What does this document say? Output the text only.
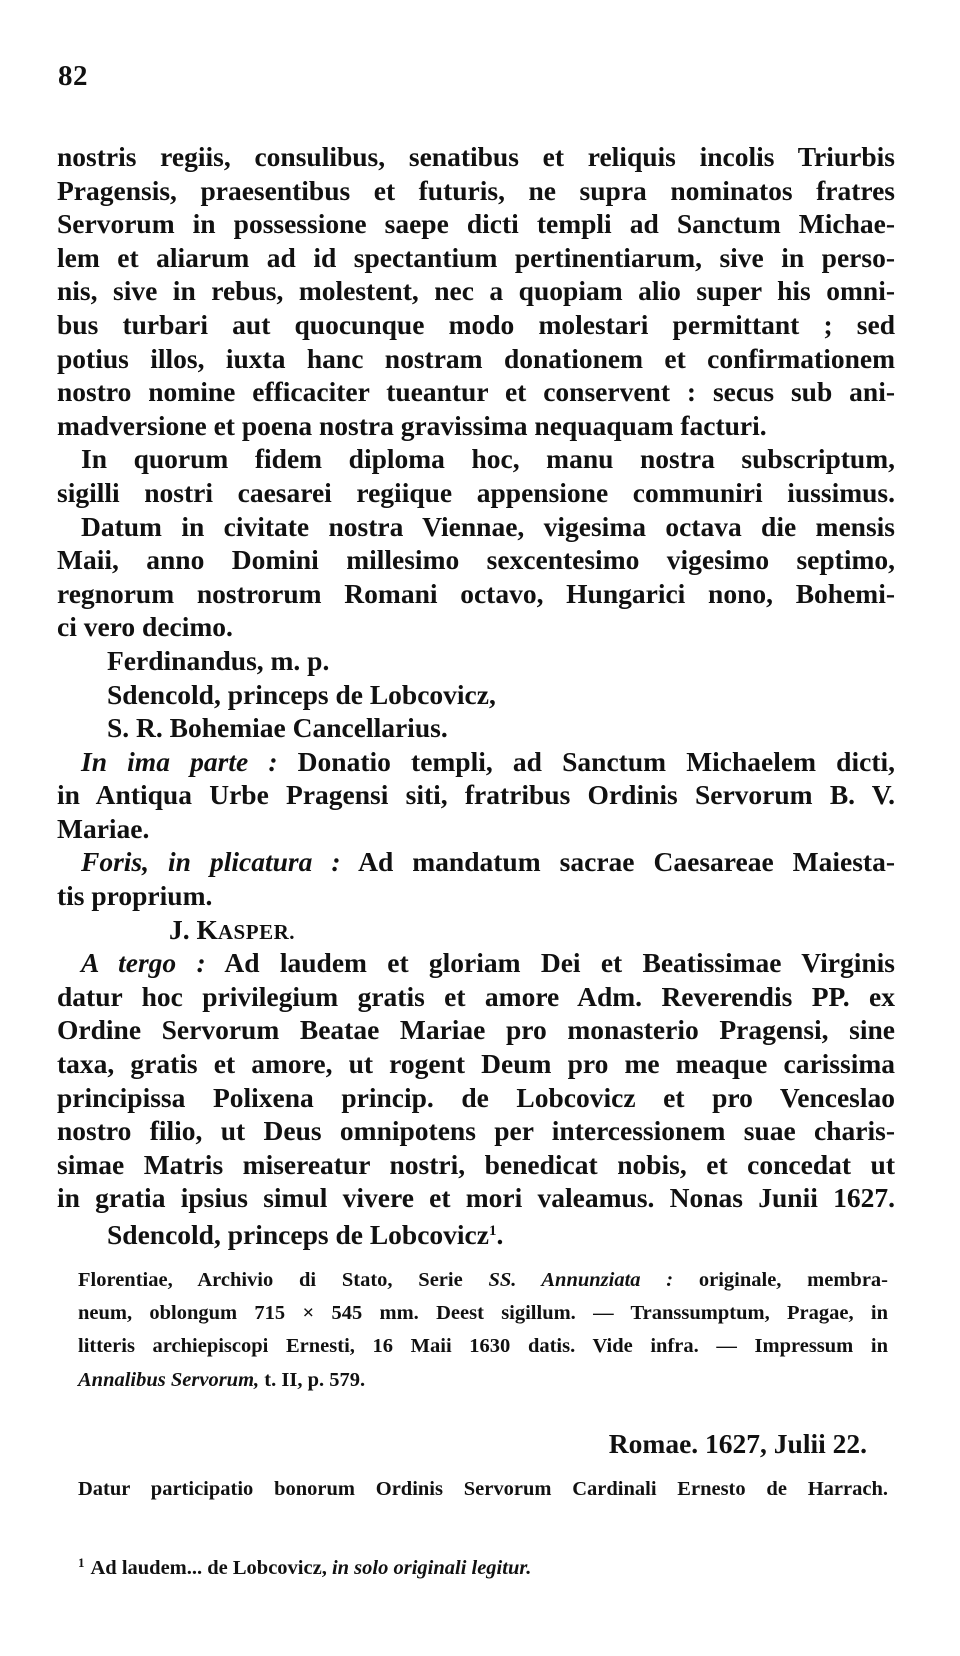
82
nostris regiis, consulibus, senatibus et reliquis incolis Triurbis
Pragensis, praesentibus et futuris, ne supra nominatos fratres
Servorum in possessione saepe dicti templi ad Sanctum Michae-
lem et aliarum ad id spectantium pertinentiarum, sive in perso-
nis, sive in rebus, molestent, nec a quopiam alio super his omni-
bus turbari aut quocunque modo molestari permittant ; sed
potius illos, iuxta hanc nostram donationem et confirmationem
nostro nomine efficaciter tueantur et conservent : secus sub ani-
madversione et poena nostra gravissima nequaquam facturi.
In quorum fidem diploma hoc, manu nostra subscriptum,
sigilli nostri caesarei regiique appensione communiri iussimus.
Datum in civitate nostra Viennae, vigesima octava die mensis
Maii, anno Domini millesimo sexcentesimo vigesimo septimo,
regnorum nostrorum Romani octavo, Hungarici nono, Bohemi-
ci vero decimo.
Ferdinandus, m. p.
Sdencold, princeps de Lobcovicz,
S. R. Bohemiae Cancellarius.
In ima parte : Donatio templi, ad Sanctum Michaelem dicti,
in Antiqua Urbe Pragensi siti, fratribus Ordinis Servorum B. V.
Mariae.
Foris, in plicatura : Ad mandatum sacrae Caesareae Maiesta-
tis proprium.
J. KASPER.
A tergo : Ad laudem et gloriam Dei et Beatissimae Virginis
datur hoc privilegium gratis et amore Adm. Reverendis PP. ex
Ordine Servorum Beatae Mariae pro monasterio Pragensi, sine
taxa, gratis et amore, ut rogent Deum pro me meaque carissima
principissa Polixena princip. de Lobcovicz et pro Venceslao
nostro filio, ut Deus omnipotens per intercessionem suae charis-
simae Matris misereatur nostri, benedicat nobis, et concedat ut
in gratia ipsius simul vivere et mori valeamus. Nonas Junii 1627.
Sdencold, princeps de Lobcovicz$^1$.
Florentiae, Archivio di Stato, Serie SS. Annunziata : originale, membra-
neum, oblongum 715 × 545 mm. Deest sigillum. — Transsumptum, Pragae, in
litteris archiepiscopi Ernesti, 16 Maii 1630 datis. Vide infra. — Impressum in
Annalibus Servorum, t. II, p. 579.
Romae. 1627, Julii 22.
Datur participatio bonorum Ordinis Servorum Cardinali Ernesto de Harrach.
$^1$ Ad laudem... de Lobcovicz, in solo originali legitur.
